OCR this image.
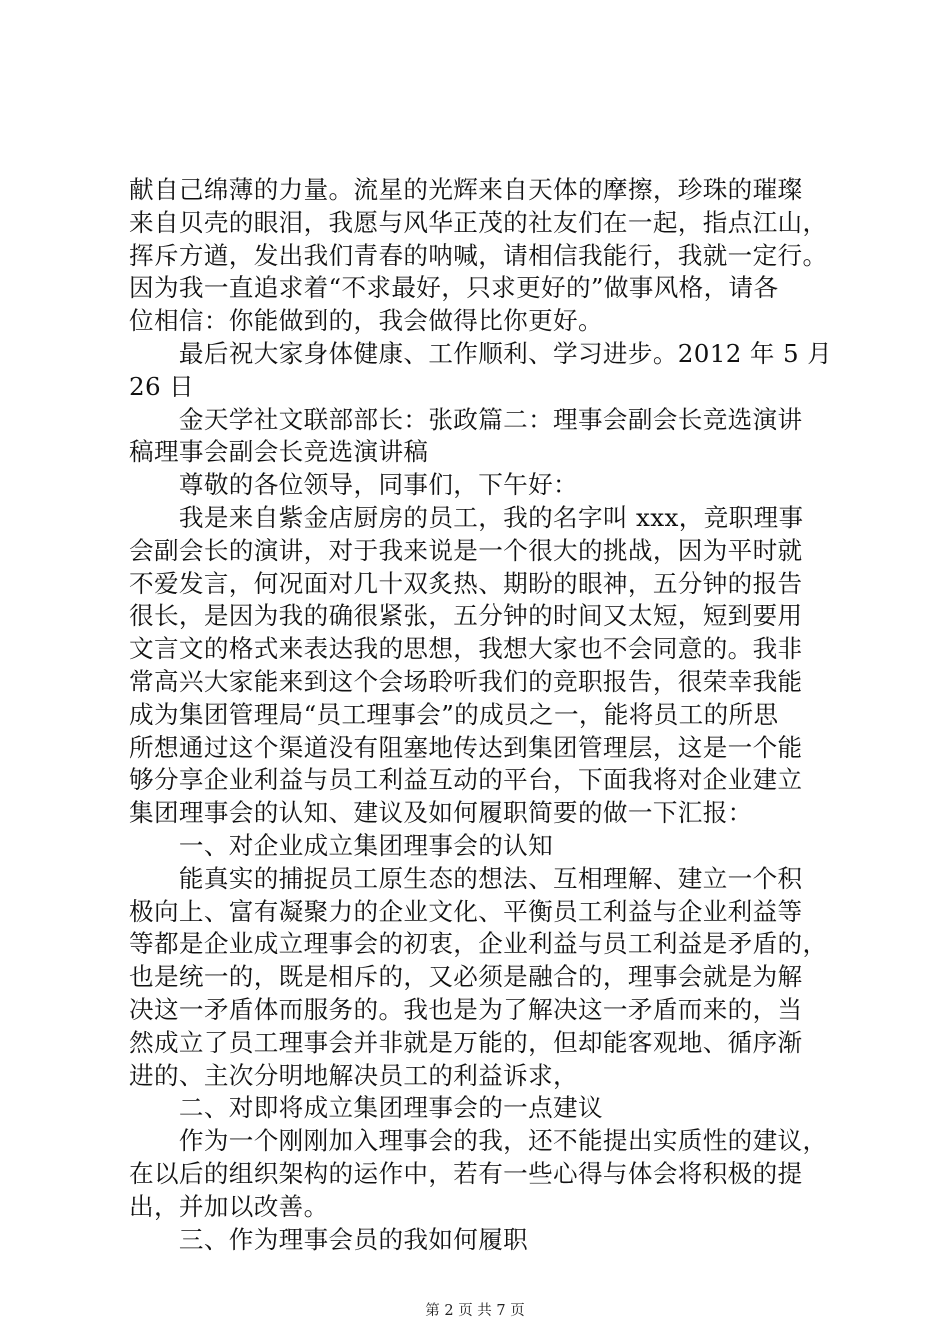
献自己绵薄的力量。流星的光辉来自天体的摩擦，珍珠的璀璨
来自贝壳的眼泪，我愿与风华正茂的社友们在一起，指点江山，
挥斥方遒，发出我们青春的呐喊，请相信我能行，我就一定行。
因为我一直追求着“不求最好，只求更好的”做事风格，请各
位相信：你能做到的，我会做得比你更好。
　　最后祝大家身体健康、工作顺利、学习进步。2012 年 5 月
26 日
　　金天学社文联部部长：张政篇二：理事会副会长竞选演讲
稿理事会副会长竞选演讲稿
　　尊敬的各位领导，同事们，下午好：
　　我是来自紫金店厨房的员工，我的名字叫 xxx，竞职理事
会副会长的演讲，对于我来说是一个很大的挑战，因为平时就
不爱发言，何况面对几十双炙热、期盼的眼神，五分钟的报告
很长，是因为我的确很紧张，五分钟的时间又太短，短到要用
文言文的格式来表达我的思想，我想大家也不会同意的。我非
常高兴大家能来到这个会场聆听我们的竞职报告，很荣幸我能
成为集团管理局“员工理事会”的成员之一，能将员工的所思
所想通过这个渠道没有阻塞地传达到集团管理层，这是一个能
够分享企业利益与员工利益互动的平台，下面我将对企业建立
集团理事会的认知、建议及如何履职简要的做一下汇报：
　　一、对企业成立集团理事会的认知
　　能真实的捕捉员工原生态的想法、互相理解、建立一个积
极向上、富有凝聚力的企业文化、平衡员工利益与企业利益等
等都是企业成立理事会的初衷，企业利益与员工利益是矛盾的，
也是统一的，既是相斥的，又必须是融合的，理事会就是为解
决这一矛盾体而服务的。我也是为了解决这一矛盾而来的，当
然成立了员工理事会并非就是万能的，但却能客观地、循序渐
进的、主次分明地解决员工的利益诉求，
　　二、对即将成立集团理事会的一点建议
　　作为一个刚刚加入理事会的我，还不能提出实质性的建议，
在以后的组织架构的运作中，若有一些心得与体会将积极的提
出，并加以改善。
　　三、作为理事会员的我如何履职
第 2 页 共 7 页
